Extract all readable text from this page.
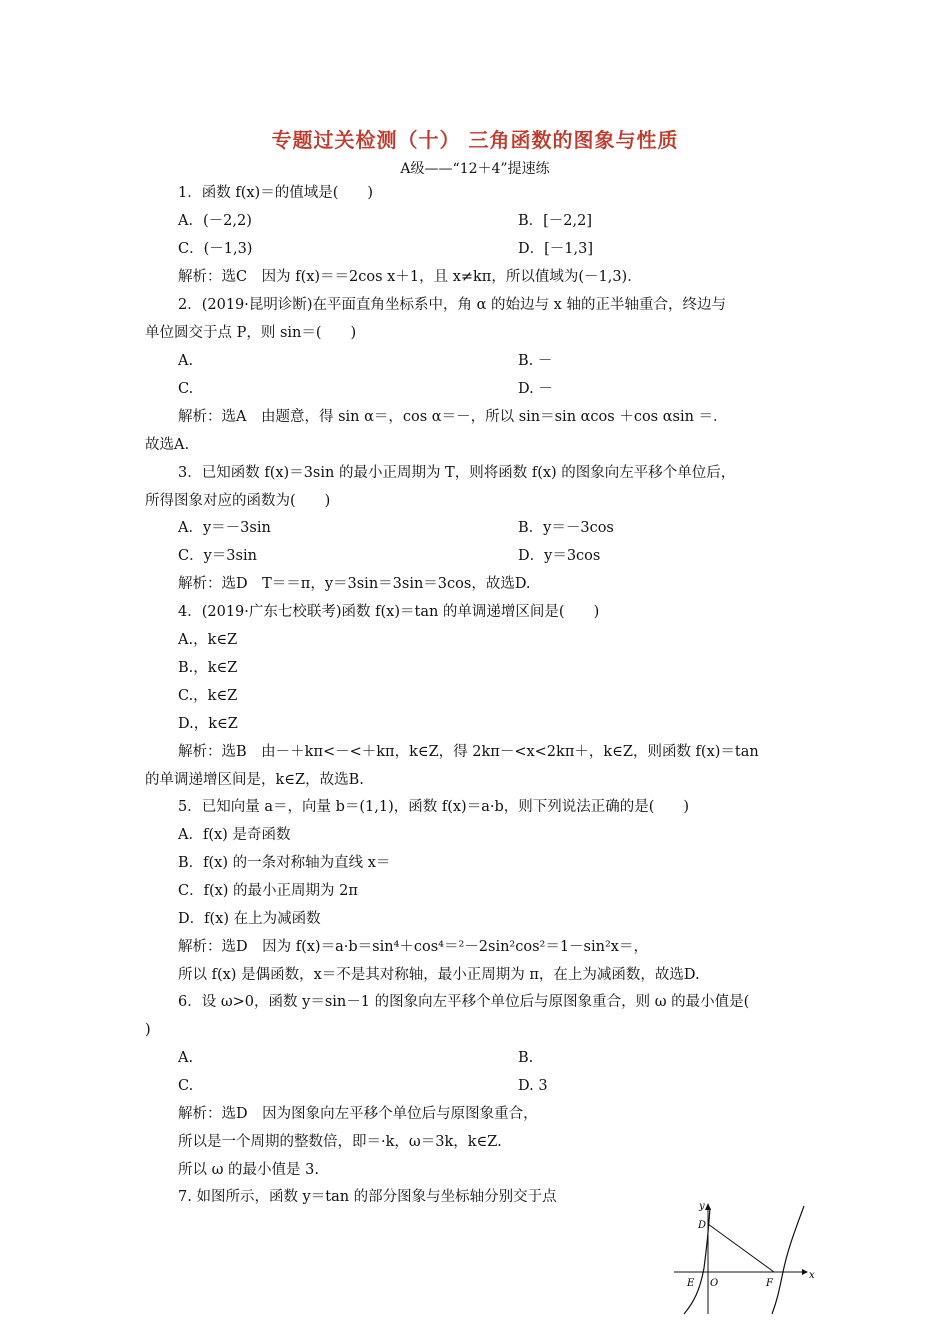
专题过关检测（十） 三角函数的图象与性质
A级——“12＋4”提速练
1．函数 f(x)＝的值域是(　　)
A．(－2,2)	B．[－2,2]
C．(－1,3)	D．[－1,3]
解析：选C　因为 f(x)＝＝2cos x＋1，且 x≠kπ，所以值域为(－1,3)．
2．(2019·昆明诊断)在平面直角坐标系中，角 α 的始边与 x 轴的正半轴重合，终边与
单位圆交于点 P，则 sin＝(　　)
A.	B. －
C.	D. －
解析：选A　由题意，得 sin α＝，cos α＝－，所以 sin＝sin αcos ＋cos αsin ＝．
故选A.
3．已知函数 f(x)＝3sin 的最小正周期为 T，则将函数 f(x) 的图象向左平移个单位后，
所得图象对应的函数为(　　)
A．y＝－3sin	B．y＝－3cos
C．y＝3sin	D．y＝3cos
解析：选D　T＝＝π，y＝3sin＝3sin＝3cos，故选D.
4．(2019·广东七校联考)函数 f(x)＝tan 的单调递增区间是(　　)
A.，k∈Z
B.，k∈Z
C.，k∈Z
D.，k∈Z
解析：选B　由－＋kπ<－<＋kπ，k∈Z，得 2kπ－<x<2kπ＋，k∈Z，则函数 f(x)＝tan
的单调递增区间是，k∈Z，故选B.
5．已知向量 a＝，向量 b＝(1,1)，函数 f(x)＝a·b，则下列说法正确的是(　　)
A．f(x) 是奇函数
B．f(x) 的一条对称轴为直线 x＝
C．f(x) 的最小正周期为 2π
D．f(x) 在上为减函数
解析：选D　因为 f(x)＝a·b＝sin⁴＋cos⁴＝²－2sin²cos²＝1－sin²x＝，
所以 f(x) 是偶函数，x＝不是其对称轴，最小正周期为 π，在上为减函数，故选D.
6．设 ω>0，函数 y＝sin－1 的图象向左平移个单位后与原图象重合，则 ω 的最小值是(
)
A.	B.
C.	D. 3
解析：选D　因为图象向左平移个单位后与原图象重合，
所以是一个周期的整数倍，即＝·k，ω＝3k，k∈Z.
所以 ω 的最小值是 3.
7. 如图所示，函数 y＝tan 的部分图象与坐标轴分别交于点
y
D
E O	F
x
